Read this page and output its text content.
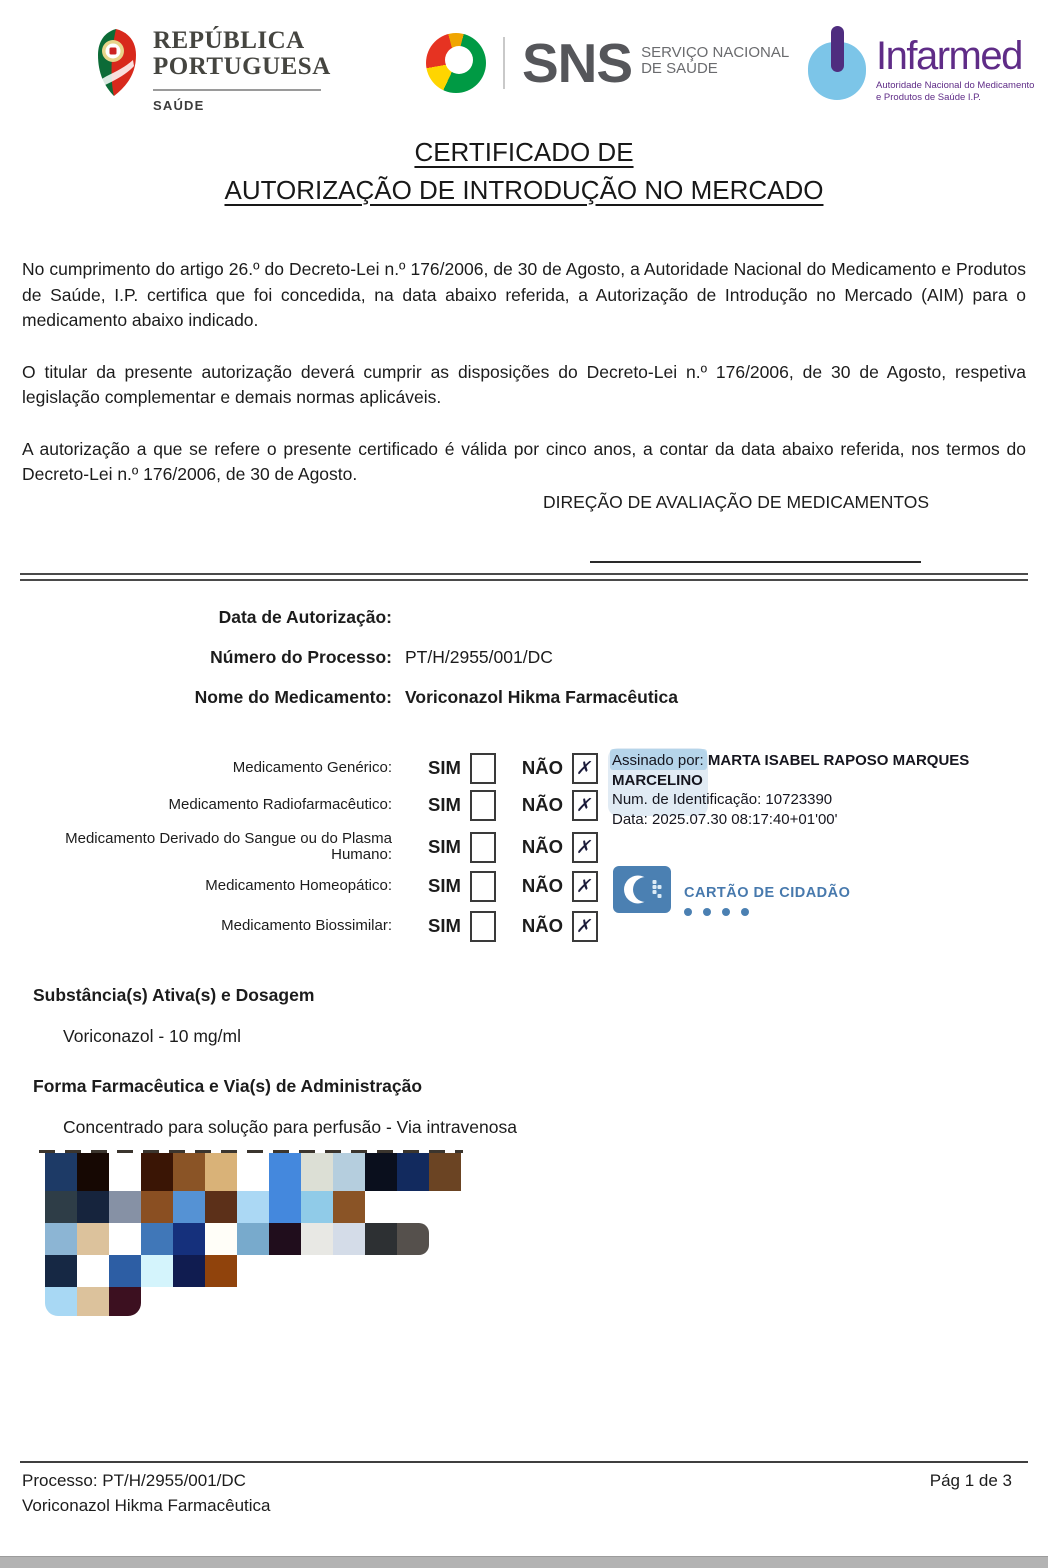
REPÚBLICA
PORTUGUESA
SAÚDE
SNS SERVIÇO NACIONAL
DE SAÚDE	Infarmed
Autoridade Nacional do Medicamento
e Produtos de Saúde I.P.
CERTIFICADO DE
AUTORIZAÇÃO DE INTRODUÇÃO NO MERCADO

No cumprimento do artigo 26.º do Decreto-Lei n.º 176/2006, de 30 de Agosto, a Autoridade Nacional do Medicamento e Produtos de Saúde, I.P. certifica que foi concedida, na data abaixo referida, a Autorização de Introdução no Mercado (AIM) para o medicamento abaixo indicado.

O titular da presente autorização deverá cumprir as disposições do Decreto-Lei n.º 176/2006, de 30 de Agosto, respetiva legislação complementar e demais normas aplicáveis.

A autorização a que se refere o presente certificado é válida por cinco anos, a contar da data abaixo referida, nos termos do Decreto-Lei n.º 176/2006, de 30 de Agosto.

DIREÇÃO DE AVALIAÇÃO DE MEDICAMENTOS
Data de Autorização:
Número do Processo: PT/H/2955/001/DC
Nome do Medicamento: Voriconazol Hikma Farmacêutica
Medicamento Genérico: SIM	NÃO ✗
Medicamento Radiofarmacêutico: SIM	NÃO ✗
Medicamento Derivado do Sangue ou do Plasma Humano: SIM	NÃO ✗
Medicamento Homeopático: SIM	NÃO ✗
Medicamento Biossimilar: SIM	NÃO ✗
Assinado por: MARTA ISABEL RAPOSO MARQUES MARCELINO
Num. de Identificação: 10723390
Data: 2025.07.30 08:17:40+01'00'
CARTÃO DE CIDADÃO
Substância(s) Ativa(s) e Dosagem
Voriconazol - 10 mg/ml
Forma Farmacêutica e Via(s) de Administração
Concentrado para solução para perfusão - Via intravenosa
Processo: PT/H/2955/001/DC	Pág 1 de 3
Voriconazol Hikma Farmacêutica
